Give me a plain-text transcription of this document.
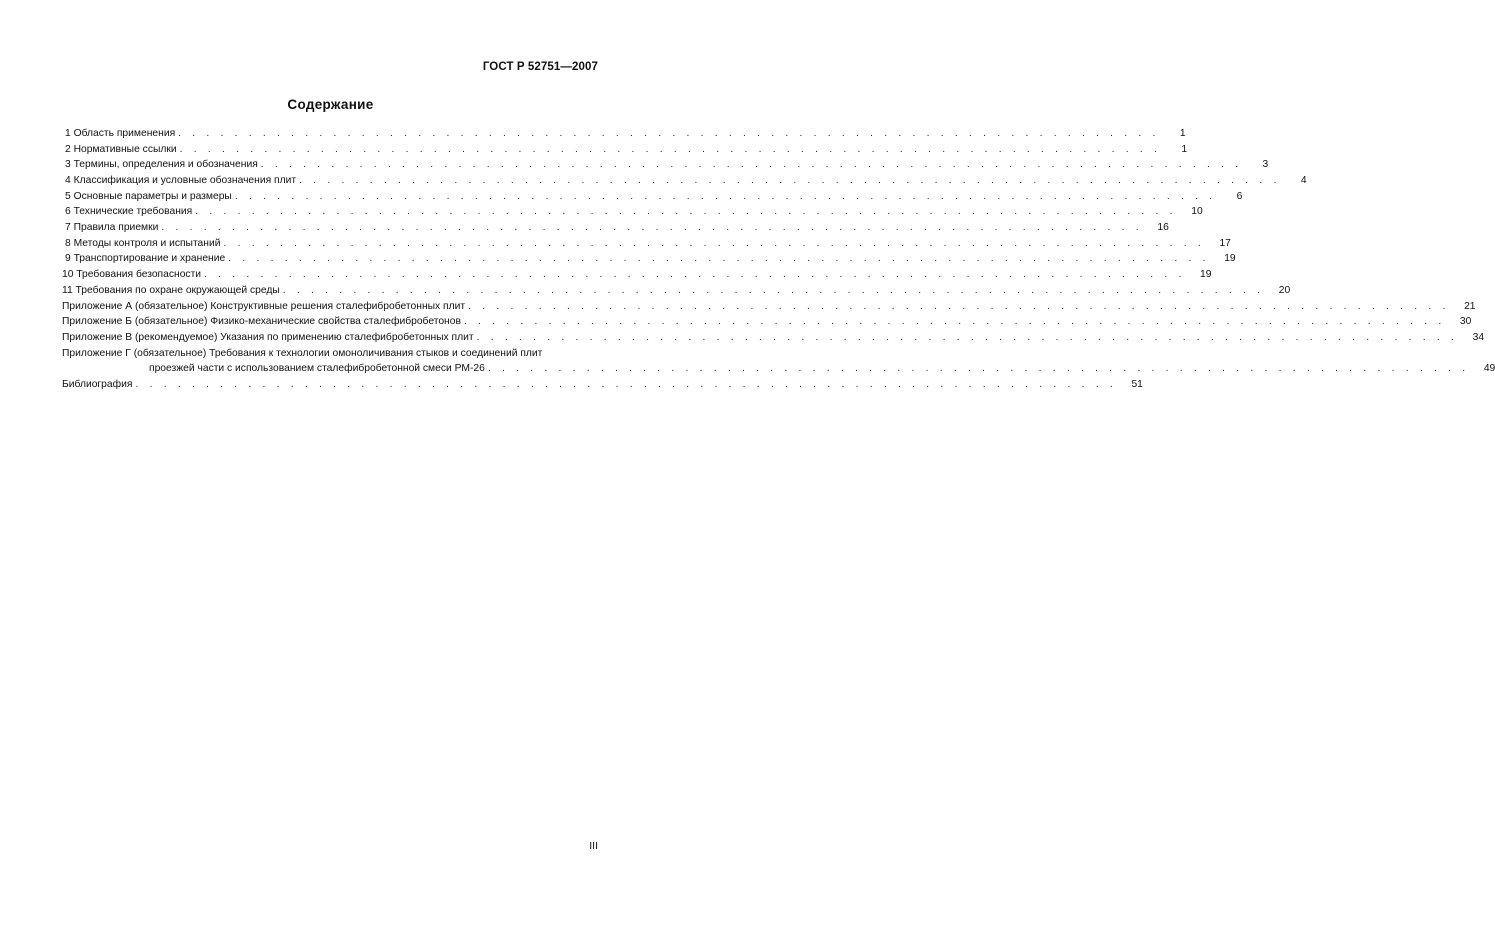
ГОСТ Р 52751—2007
Содержание
1 Область применения . . . . . . . . . . . . . . . . . . . . . . . . . . . . . . . . . . . . . . . . . . . . . . . . . . . . . . . . . . . . . . . . . . . . . .	1
2 Нормативные ссылки . . . . . . . . . . . . . . . . . . . . . . . . . . . . . . . . . . . . . . . . . . . . . . . . . . . . . . . . . . . . . . . . . . . . . .	1
3 Термины, определения и обозначения . . . . . . . . . . . . . . . . . . . . . . . . . . . . . . . . . . . . . . . . . . . . . . . . . . . . . . . . . . . . . . . . . . . . . .	3
4 Классификация и условные обозначения плит . . . . . . . . . . . . . . . . . . . . . . . . . . . . . . . . . . . . . . . . . . . . . . . . . . . . . . . . . . . . . . . . . . . . . .	4
5 Основные параметры и размеры . . . . . . . . . . . . . . . . . . . . . . . . . . . . . . . . . . . . . . . . . . . . . . . . . . . . . . . . . . . . . . . . . . . . . .	6
6 Технические требования . . . . . . . . . . . . . . . . . . . . . . . . . . . . . . . . . . . . . . . . . . . . . . . . . . . . . . . . . . . . . . . . . . . . . .	10
7 Правила приемки . . . . . . . . . . . . . . . . . . . . . . . . . . . . . . . . . . . . . . . . . . . . . . . . . . . . . . . . . . . . . . . . . . . . . .	16
8 Методы контроля и испытаний . . . . . . . . . . . . . . . . . . . . . . . . . . . . . . . . . . . . . . . . . . . . . . . . . . . . . . . . . . . . . . . . . . . . . .	17
9 Транспортирование и хранение . . . . . . . . . . . . . . . . . . . . . . . . . . . . . . . . . . . . . . . . . . . . . . . . . . . . . . . . . . . . . . . . . . . . . .	19
10 Требования безопасности . . . . . . . . . . . . . . . . . . . . . . . . . . . . . . . . . . . . . . . . . . . . . . . . . . . . . . . . . . . . . . . . . . . . . .	19
11 Требования по охране окружающей среды . . . . . . . . . . . . . . . . . . . . . . . . . . . . . . . . . . . . . . . . . . . . . . . . . . . . . . . . . . . . . . . . . . . . . .	20
Приложение А (обязательное) Конструктивные решения сталефибробетонных плит . . . . . . . . . . . . . . . . . . . . . . . . . . . . . . . . . . . . . . . . . . . . . . . . . . . . . . . . . . . . . . . . . . . . . .	21
Приложение Б (обязательное) Физико-механические свойства сталефибробетонов . . . . . . . . . . . . . . . . . . . . . . . . . . . . . . . . . . . . . . . . . . . . . . . . . . . . . . . . . . . . . . . . . . . . . .	30
Приложение В (рекомендуемое) Указания по применению сталефибробетонных плит . . . . . . . . . . . . . . . . . . . . . . . . . . . . . . . . . . . . . . . . . . . . . . . . . . . . . . . . . . . . . . . . . . . . . .	34
Приложение Г (обязательное) Требования к технологии омоноличивания стыков и соединений плит
проезжей части с использованием сталефибробетонной смеси РМ-26 . . . . . . . . . . . . . . . . . . . . . . . . . . . . . . . . . . . . . . . . . . . . . . . . . . . . . . . . . . . . . . . . . . . . . .	49
Библиография . . . . . . . . . . . . . . . . . . . . . . . . . . . . . . . . . . . . . . . . . . . . . . . . . . . . . . . . . . . . . . . . . . . . . .	51
III
